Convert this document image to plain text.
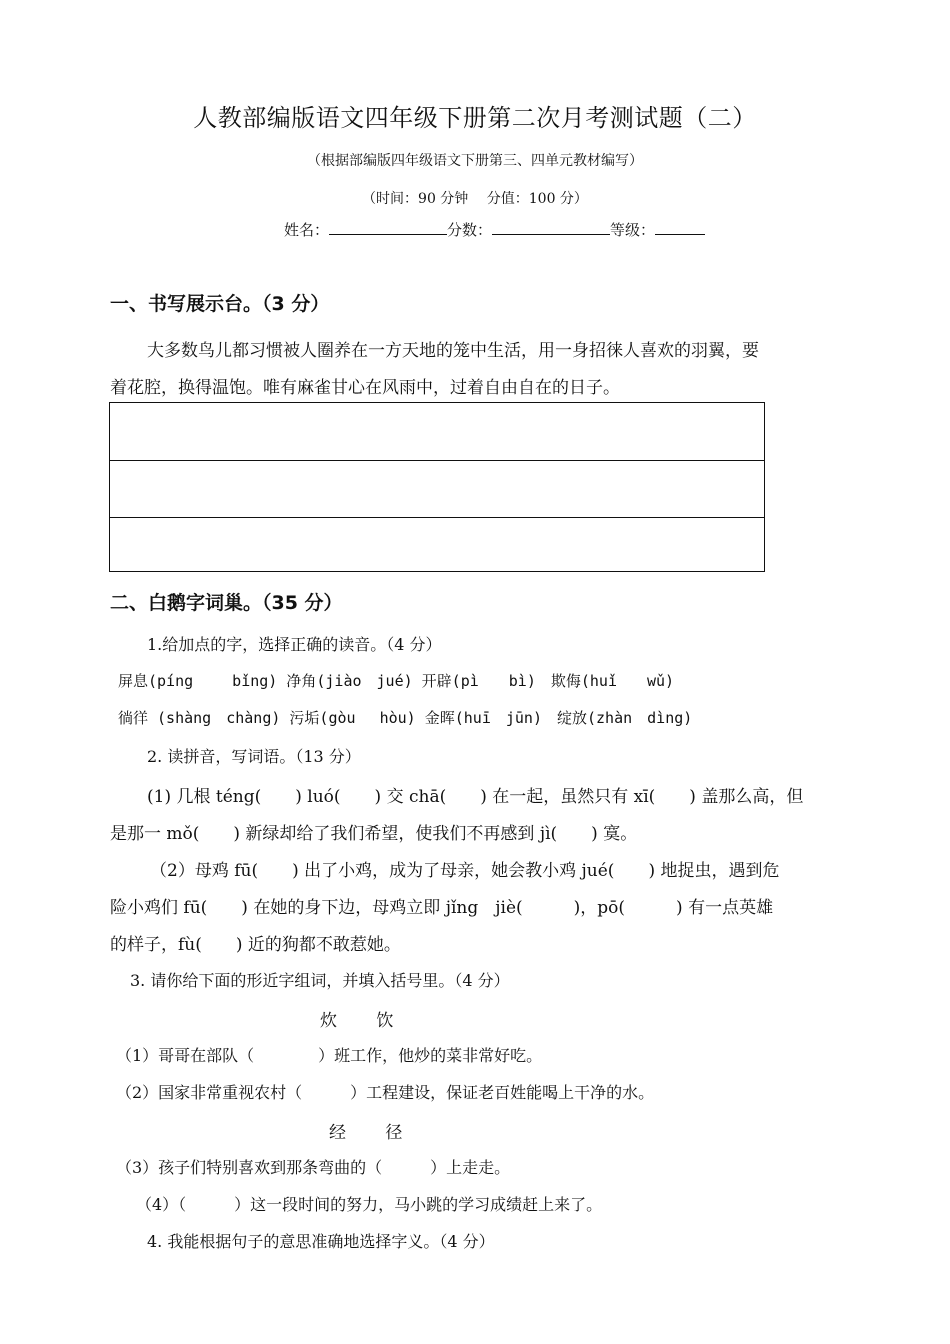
人教部编版语文四年级下册第二次月考测试题（二）
（根据部编版四年级语文下册第三、四单元教材编写）
（时间：90 分钟　 分值：100 分）
姓名：	分数：	等级：
一、书写展示台。（3 分）
大多数鸟儿都习惯被人圈养在一方天地的笼中生活，用一身招徕人喜欢的羽翼，要
着花腔，换得温饱。唯有麻雀甘心在风雨中，过着自由自在的日子。
二、白鹅字词巢。（35 分）
1.给加点的字，选择正确的读音。（4 分）
屏息(píng　　 bǐng) 净角(jiào　jué) 开辟(pì　　bì)　欺侮(huǐ　　wǔ)
徜徉 (shàng　chàng) 污垢(gòu　 hòu) 金晖(huī　jūn)　绽放(zhàn　dìng)
2. 读拼音，写词语。（13 分）
(1) 几根 téng(　　) luó(　　) 交 chā(　　) 在一起，虽然只有 xī(　　) 盖那么高，但
是那一 mǒ(　　) 新绿却给了我们希望，使我们不再感到 jì(　　) 寞。
（2）母鸡 fū(　　) 出了小鸡，成为了母亲，她会教小鸡 jué(　　) 地捉虫，遇到危
险小鸡们 fū(　　) 在她的身下边，母鸡立即 jǐng　jiè(　　　)，pō(　　　) 有一点英雄
的样子，fù(　　) 近的狗都不敢惹她。
3. 请你给下面的形近字组词，并填入括号里。（4 分）
炊　　 饮
（1）哥哥在部队（　　　　）班工作，他炒的菜非常好吃。
（2）国家非常重视农村（　　　）工程建设，保证老百姓能喝上干净的水。
经　　 径
（3）孩子们特别喜欢到那条弯曲的（　　　）上走走。
（4）（　　　）这一段时间的努力，马小跳的学习成绩赶上来了。
4. 我能根据句子的意思准确地选择字义。（4 分）
